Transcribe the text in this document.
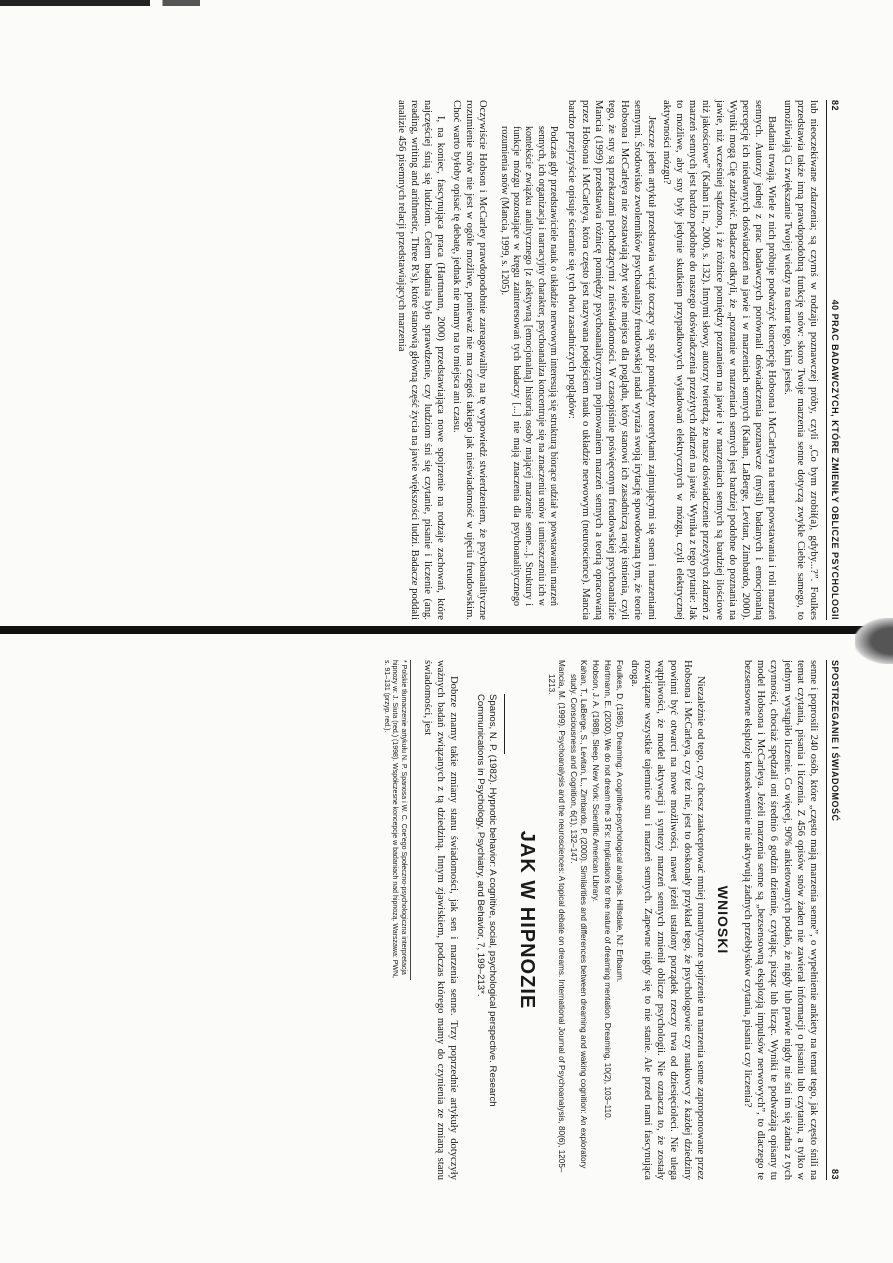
82
40 PRAC BADAWCZYCH, KTÓRE ZMIENIŁY OBLICZE PSYCHOLOGII

lub nieoczekiwane zdarzenia; są czymś w rodzaju poznawczej próby, czyli „Co bym zrobił(a), gdyby...?”. Foulkes przedstawia także inną prawdopodobną funkcję snów: skoro Twoje marzenia senne dotyczą zwykle Ciebie samego, to umożliwiają Ci zwiększanie Twojej wiedzy na temat tego, kim jesteś.

Badania trwają. Wiele z nich próbuje podważyć koncepcję Hobsona i McCarleya na temat powstawania i roli marzeń sennych. Autorzy jednej z prac badawczych porównali doświadczenia poznawcze (myśli) badanych i emocjonalną percepcję ich niedawnych doświadczeń na jawie i w marzeniach sennych (Kahan, LaBerge, Levitan, Zimbardo, 2000). Wyniki mogą Cię zadziwić. Badacze odkryli, że „poznanie w marzeniach sennych jest bardziej podobne do poznania na jawie, niż wcześniej sądzono, i że różnice pomiędzy poznaniem na jawie i w marzeniach sennych są bardziej ilościowe niż jakościowe” (Kahan i in., 2000, s. 132). Innymi słowy, autorzy twierdzą, że nasze doświadczenie przeżytych zdarzeń z marzeń sennych jest bardzo podobne do naszego doświadczenia przeżytych zdarzeń na jawie. Wynika z tego pytanie: Jak to możliwe, aby sny były jedynie skutkiem przypadkowych wyładowań elektrycznych w mózgu, czyli elektrycznej aktywności mózgu?

Jeszcze jeden artykuł przedstawia wciąż toczący się spór pomiędzy teoretykami zajmującymi się snem i marzeniami sennymi. Środowisko zwolenników psychoanalizy freudowskiej nadal wyraża swoją irytację spowodowaną tym, że teorie Hobsona i McCarleya nie zostawiają zbyt wiele miejsca dla poglądu, który stanowi ich zasadniczą rację istnienia, czyli tego, że sny są przekazami pochodzącymi z nieświadomości. W czasopiśmie poświęconym freudowskiej psychoanalizie Mancia (1999) przedstawia różnicę pomiędzy psychoanalitycznym pojmowaniem marzeń sennych a teorią opracowaną przez Hobsona i McCarleya, która często jest nazywana podejściem nauk o układzie nerwowym (neuroscience). Mancia bardzo przejrzyście opisuje ścieranie się tych dwu zasadniczych poglądów:

Podczas gdy przedstawiciele nauk o układzie nerwowym interesują się strukturą biorące udział w powstawaniu marzeń sennych, ich organizacja i narracyjny charakter, psychoanaliza koncentruje się na znaczeniu snów i umieszczeniu ich w kontekście związku analitycznego [z afektywną [emocjonalną] historią osoby mającej marzenie senne...]. Struktury i funkcje mózgu pozostające w kręgu zainteresowań tych badaczy [...] nie mają znaczenia dla psychoanalitycznego rozumienia snów (Mancia, 1999, s. 1205).

Oczywiście Hobson i McCarley prawdopodobnie zareagowaliby na tę wypowiedź stwierdzeniem, że psychoanalityczne rozumienie snów nie jest w ogóle możliwe, ponieważ nie ma czegoś takiego jak nieświadomość w ujęciu freudowskim. Choć warto byłoby opisać tę debatę, jednak nie mamy na to miejsca ani czasu.

I, na koniec, fascynująca praca (Hartmann, 2000) przedstawiająca nowe spojrzenie na rodzaje zachowań, które najczęściej śnią się ludziom. Celem badania było sprawdzenie, czy ludziom śni się czytanie, pisanie i liczenie (ang. reading, writing and arithmetic, Three R's), które stanowią główną część życia na jawie większości ludzi. Badacze poddali analizie 456 pisemnych relacji przedstawiających marzenia

SPOSTRZEGANIE I ŚWIADOMOŚĆ
83

senne i poprosili 240 osób, które „często mają marzenia senne”, o wypełnienie ankiety na temat tego, jak często śnili na temat czytania, pisania i liczenia. Z 456 opisów snów żaden nie zawierał informacji o pisaniu lub czytaniu, a tylko w jednym wystąpiło liczenie. Co więcej, 90% ankietowanych podało, że nigdy lub prawie nigdy nie śni im się żadna z tych czynności, chociaż spędzali oni średnio 6 godzin dziennie, czytając, pisząc lub licząc. Wyniki te podważają opisany tu model Hobsona i McCarleya. Jeżeli marzenia senne są „bezsensowną eksplozją impulsów nerwowych”, to dlaczego te bezsensowne eksplozje konsekwentnie nie aktywują żadnych przebłysków czytania, pisania czy liczenia?

WNIOSKI

Niezależnie od tego, czy chcesz zaakceptować mniej romantyczne spojrzenie na marzenia senne zaproponowane przez Hobsona i McCarleya, czy też nie, jest to doskonały przykład tego, że psychologowie czy naukowcy z każdej dziedziny powinni być otwarci na nowe możliwości, nawet jeżeli ustalony porządek rzeczy trwa od dziesięcioleci. Nie ulega wątpliwości, że model aktywacji i syntezy marzeń sennych zmienił oblicze psychologii. Nie oznacza to, że zostały rozwiązane wszystkie tajemnice snu i marzeń sennych. Zapewne nigdy się to nie stanie. Ale przed nami fascynująca droga.

Foulkes, D. (1985). Dreaming: A cognitive-psychological analysis. Hillsdale, NJ: Erlbaum.
Hartmann, E. (2000). We do not dream the 3 R's: Implications for the nature of dreaming mentation. Dreaming, 10(2), 103–110.
Hobson, J. A. (1988). Sleep. New York: Scientific American Library.
Kahan, T., LaBerge, S., Levitan, L., Zimbardo, P. (2000). Similarities and differences between dreaming and waking cognition: An exploratory study. Consciousness and Cognition, 6(1), 132–147.
Mancia, M. (1999). Psychoanalysis and the neurosciences: A topical debate on dreams. International Journal of Psychoanalysis, 80(6), 1205–1213.
JAK W HIPNOZIE
Spanos, N. P. (1982). Hypnotic behavior: A cognitive, social, psychological perspective. Research Communications in Psychology, Psychiatry, and Behavior, 7, 199–213*.

Dobrze znamy takie zmiany stanu świadomości, jak sen i marzenia senne. Trzy poprzednie artykuły dotyczyły ważnych badań związanych z tą dziedziną. Innym zjawiskiem, podczas którego mamy do czynienia ze zmianą stanu świadomości, jest

* Polskie tłumaczenie artykułu N. P. Spanosa i W. C. Coe'ego Społeczno-psychologiczna interpretacja hipnozy w: J. Siuta (red.) (1998). Współczesne koncepcje w badaniach nad hipnozą. Warszawa: PWN, s. 91–131 (przyp. red.).
